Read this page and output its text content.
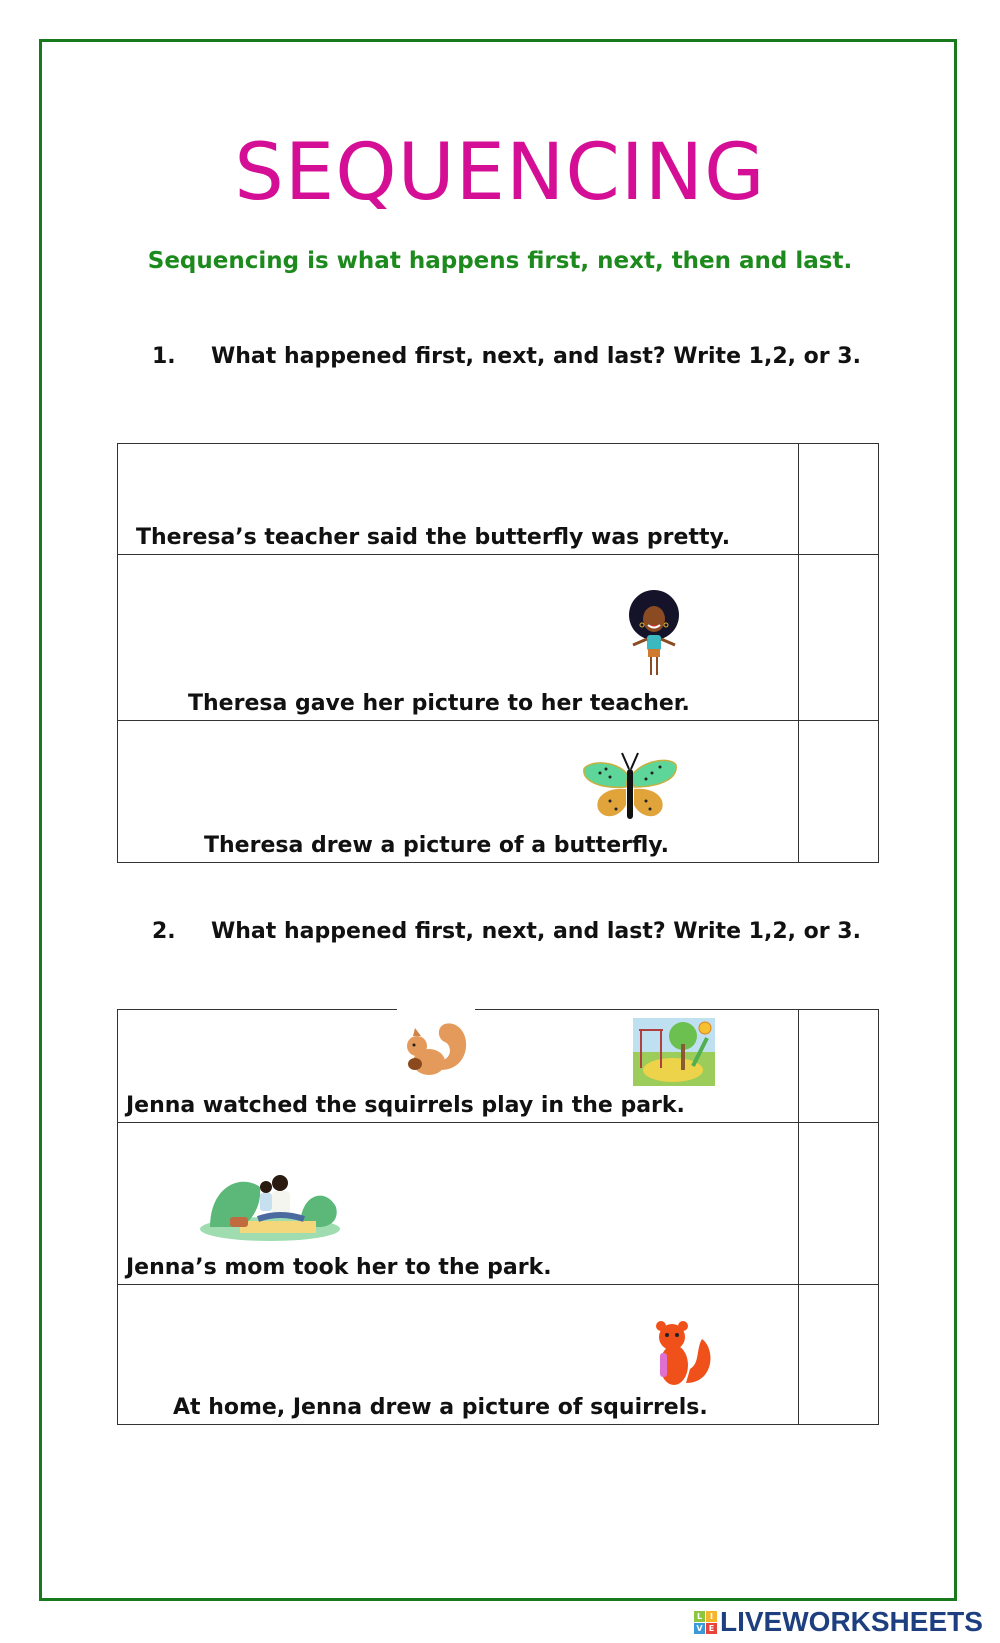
SEQUENCING
Sequencing is what happens first, next, then and last.
1. What happened first, next, and last? Write 1,2, or 3.
Theresa’s teacher said the butterfly was pretty.

Theresa gave her picture to her teacher.

Theresa drew a picture of a butterfly.

2. What happened first, next, and last? Write 1,2, or 3.
Jenna watched the squirrels play in the park.

Jenna’s mom took her to the park.

At home, Jenna drew a picture of squirrels.

L I
V E LIVEWORKSHEETS
